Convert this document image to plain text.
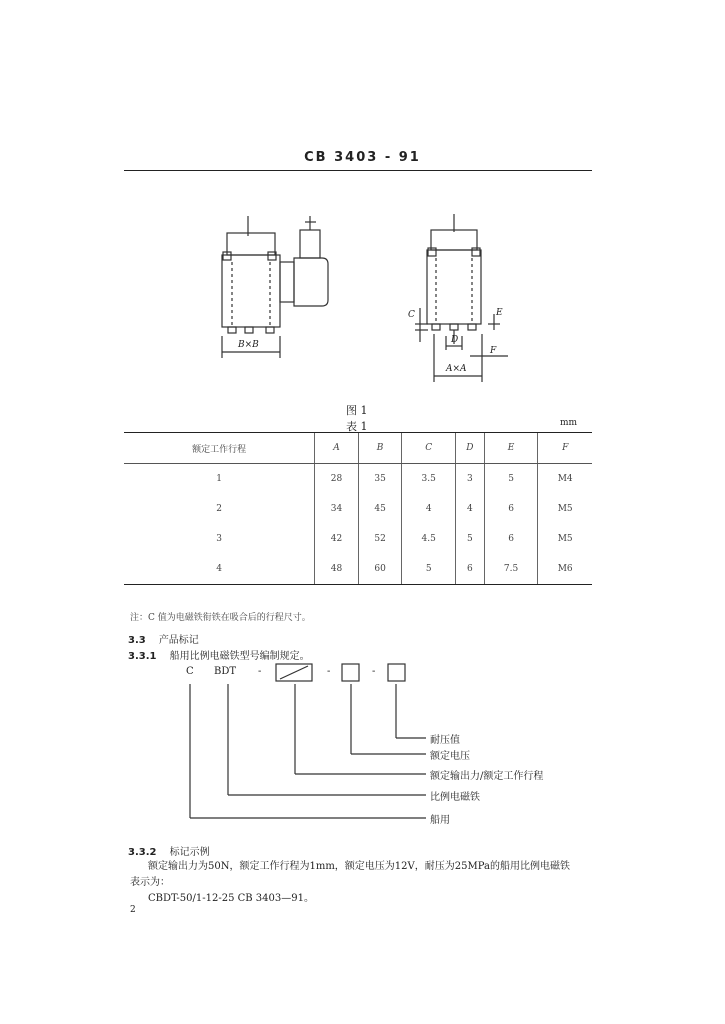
CB 3403 - 91
B×B
A×A
C
D
E
F
图 1
表 1	mm
额定工作行程	A	B	C	D	E	F
1	28	35	3.5	3	5	M4
2	34	45	4	4	6	M5
3	42	52	4.5	5	6	M5
4	48	60	5	6	7.5	M6
注：C 值为电磁铁衔铁在吸合后的行程尺寸。
3.3 产品标记
3.3.1 船用比例电磁铁型号编制规定。
C BDT -	-	-
耐压值
额定电压
额定输出力/额定工作行程
比例电磁铁
船用
3.3.2 标记示例
额定输出力为50N，额定工作行程为1mm，额定电压为12V，耐压为25MPa的船用比例电磁铁
表示为：
CBDT-50/1-12-25 CB 3403—91。
2
